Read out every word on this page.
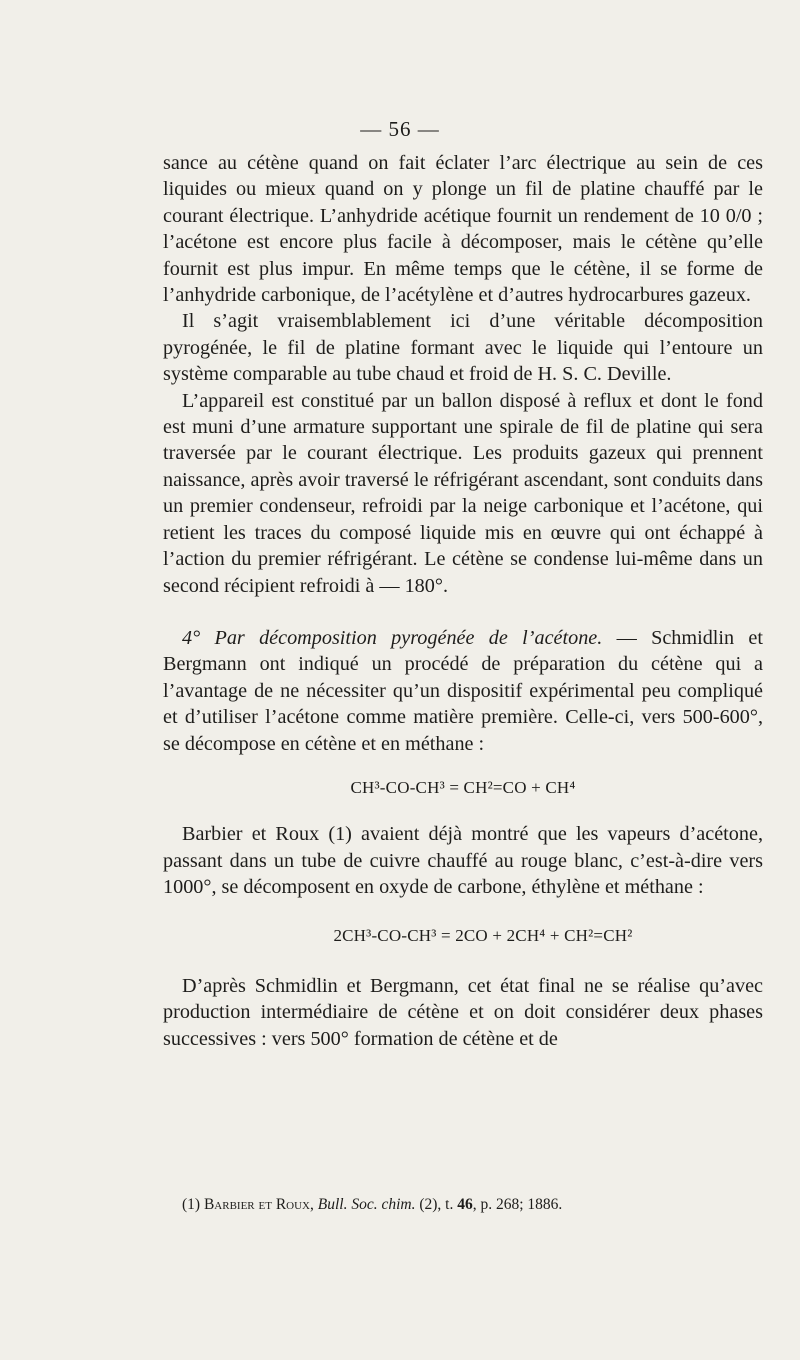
— 56 —

sance au cétène quand on fait éclater l’arc électrique au sein de ces liquides ou mieux quand on y plonge un fil de platine chauffé par le courant électrique. L’anhydride acétique fournit un rendement de 10 0/0 ; l’acétone est encore plus facile à décomposer, mais le cétène qu’elle fournit est plus impur. En même temps que le cétène, il se forme de l’anhydride carbonique, de l’acétylène et d’autres hydrocarbures gazeux.

Il s’agit vraisemblablement ici d’une véritable décomposition pyrogénée, le fil de platine formant avec le liquide qui l’entoure un système comparable au tube chaud et froid de H. S. C. Deville.

L’appareil est constitué par un ballon disposé à reflux et dont le fond est muni d’une armature supportant une spirale de fil de platine qui sera traversée par le courant électrique. Les produits gazeux qui prennent naissance, après avoir traversé le réfrigérant ascendant, sont conduits dans un premier condenseur, refroidi par la neige carbonique et l’acétone, qui retient les traces du composé liquide mis en œuvre qui ont échappé à l’action du premier réfrigérant. Le cétène se condense lui-même dans un second récipient refroidi à — 180°.

4° Par décomposition pyrogénée de l’acétone. — Schmidlin et Bergmann ont indiqué un procédé de préparation du cétène qui a l’avantage de ne nécessiter qu’un dispositif expérimental peu compliqué et d’utiliser l’acétone comme matière première. Celle-ci, vers 500-600°, se décompose en cétène et en méthane :

CH³-CO-CH³ = CH²=CO + CH⁴

Barbier et Roux (1) avaient déjà montré que les vapeurs d’acétone, passant dans un tube de cuivre chauffé au rouge blanc, c’est-à-dire vers 1000°, se décomposent en oxyde de carbone, éthylène et méthane :

2CH³-CO-CH³ = 2CO + 2CH⁴ + CH²=CH²

D’après Schmidlin et Bergmann, cet état final ne se réalise qu’avec production intermédiaire de cétène et on doit considérer deux phases successives : vers 500° formation de cétène et de

(1) Barbier et Roux, Bull. Soc. chim. (2), t. 46, p. 268; 1886.
